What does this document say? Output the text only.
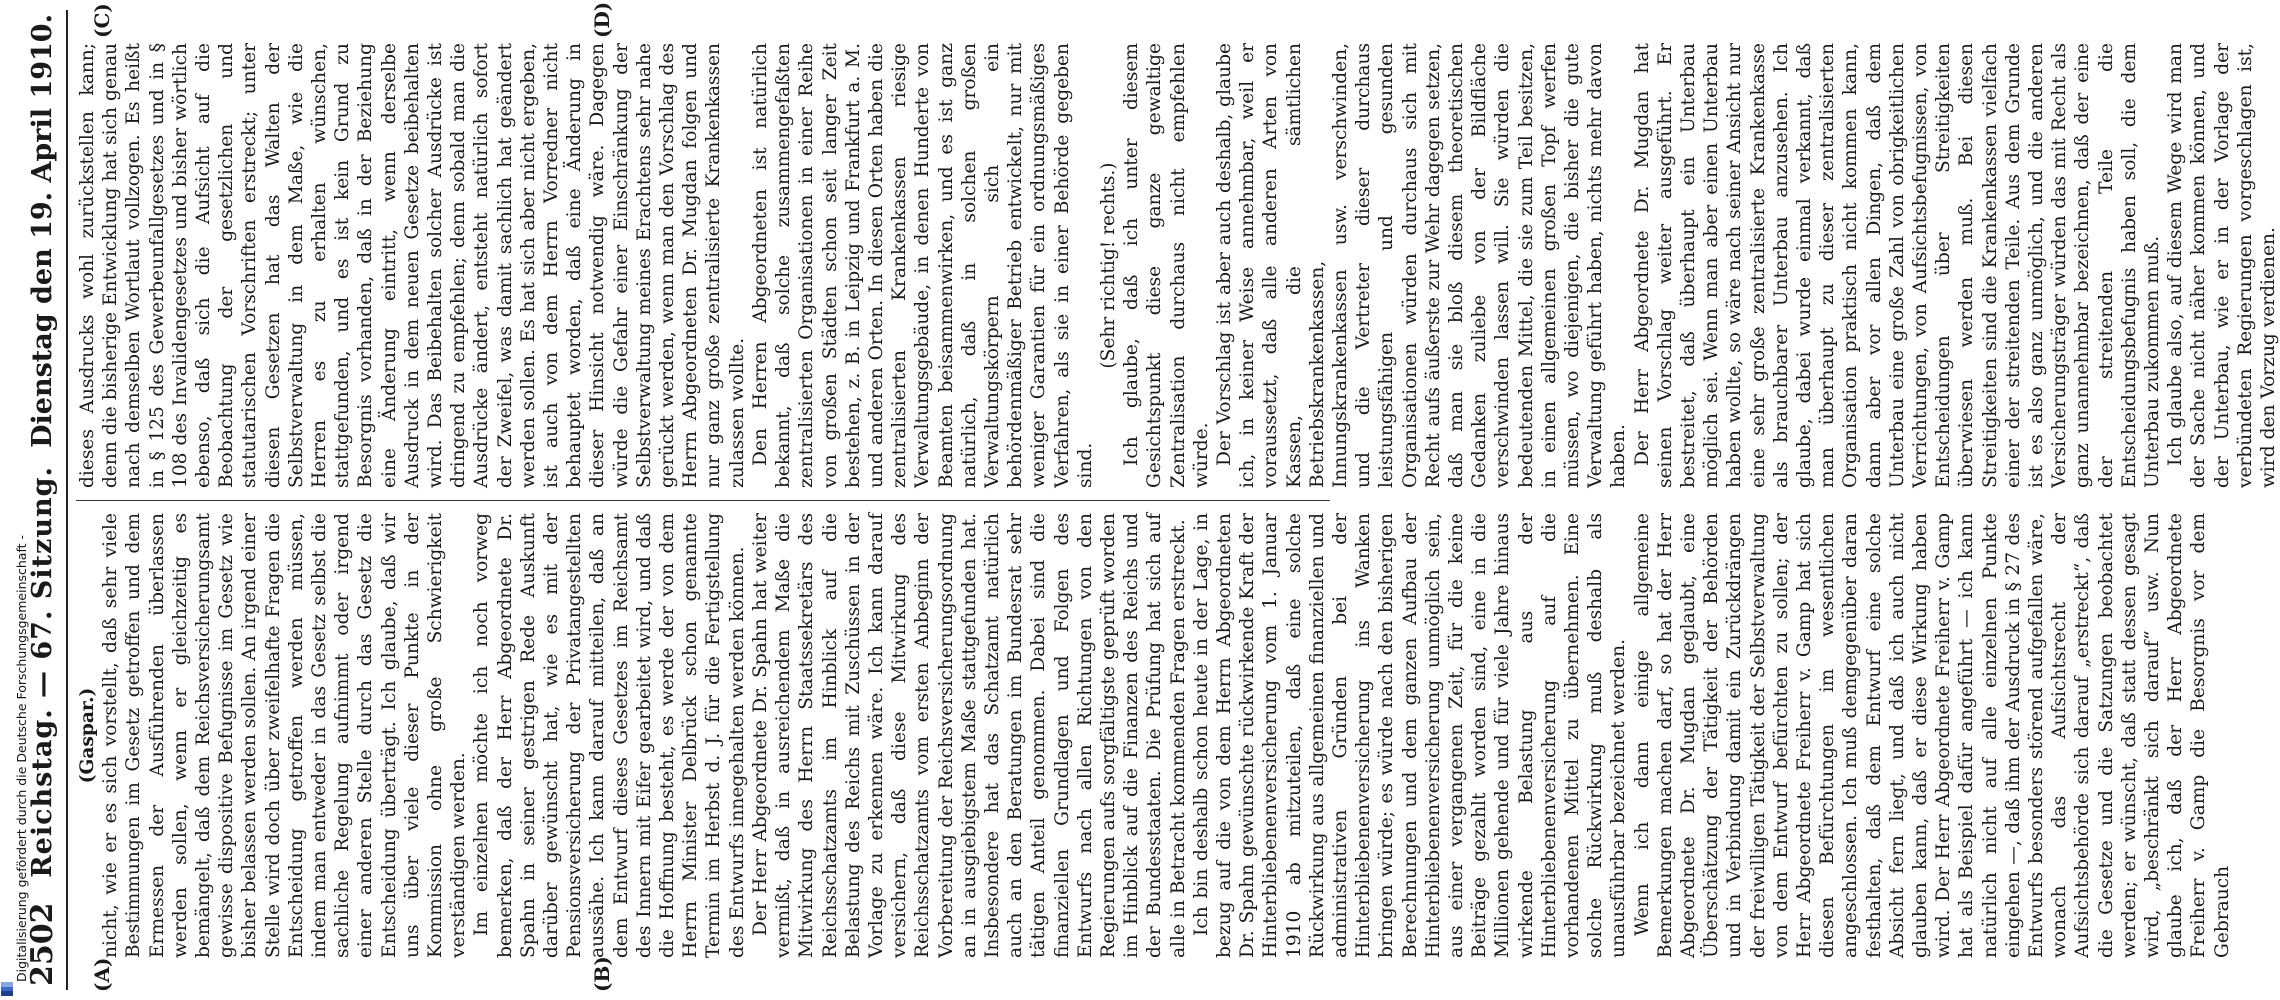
2502
Reichstag. — 67. Sitzung.
Dienstag den 19. April 1910.
(A)	(B)
(C)	(D)

(Gaspar.) nicht, wie er es sich vorstellt, daß sehr viele Bestimmungen im Gesetz getroffen und dem Ermessen der Ausführenden überlassen werden sollen, wenn er gleichzeitig es bemängelt, daß dem Reichsversicherungsamt gewisse dispositive Befugnisse im Gesetz wie bisher belassen werden sollen. An irgend einer Stelle wird doch über zweifelhafte Fragen die Entscheidung getroffen werden müssen, indem man entweder in das Gesetz selbst die sachliche Regelung aufnimmt oder irgend einer anderen Stelle durch das Gesetz die Entscheidung überträgt. Ich glaube, daß wir uns über viele dieser Punkte in der Kommission ohne große Schwierigkeit verständigen werden. Im einzelnen möchte ich noch vorweg bemerken, daß der Herr Abgeordnete Dr. Spahn in seiner gestrigen Rede Auskunft darüber gewünscht hat, wie es mit der Pensionsversicherung der Privatangestellten aussähe. Ich kann darauf mitteilen, daß an dem Entwurf dieses Gesetzes im Reichsamt des Innern mit Eifer gearbeitet wird, und daß die Hoffnung besteht, es werde der von dem Herrn Minister Delbrück schon genannte Termin im Herbst d. J. für die Fertigstellung des Entwurfs innegehalten werden können. Der Herr Abgeordnete Dr. Spahn hat weiter vermißt, daß in ausreichendem Maße die Mitwirkung des Herrn Staatssekretärs des Reichsschatzamts im Hinblick auf die Belastung des Reichs mit Zuschüssen in der Vorlage zu erkennen wäre. Ich kann darauf versichern, daß diese Mitwirkung des Reichsschatzamts vom ersten Anbeginn der Vorbereitung der Reichsversicherungsordnung an in ausgiebigstem Maße stattgefunden hat. Insbesondere hat das Schatzamt natürlich auch an den Beratungen im Bundesrat sehr tätigen Anteil genommen. Dabei sind die finanziellen Grundlagen und Folgen des Entwurfs nach allen Richtungen von den Regierungen aufs sorgfältigste geprüft worden im Hinblick auf die Finanzen des Reichs und der Bundesstaaten. Die Prüfung hat sich auf alle in Betracht kommenden Fragen erstreckt. Ich bin deshalb schon heute in der Lage, in bezug auf die von dem Herrn Abgeordneten Dr. Spahn gewünschte rückwirkende Kraft der Hinterbliebenenversicherung vom 1. Januar 1910 ab mitzuteilen, daß eine solche Rückwirkung aus allgemeinen finanziellen und administrativen Gründen bei der Hinterbliebenenversicherung ins Wanken bringen würde; es würde nach den bisherigen Berechnungen und dem ganzen Aufbau der Hinterbliebenenversicherung unmöglich sein, aus einer vergangenen Zeit, für die keine Beiträge gezahlt worden sind, eine in die Millionen gehende und für viele Jahre hinaus wirkende Belastung aus der Hinterbliebenenversicherung auf die vorhandenen Mittel zu übernehmen. Eine solche Rückwirkung muß deshalb als unausführbar bezeichnet werden. Wenn ich dann einige allgemeine Bemerkungen machen darf, so hat der Herr Abgeordnete Dr. Mugdan geglaubt, eine Überschätzung der Tätigkeit der Behörden und in Verbindung damit ein Zurückdrängen der freiwilligen Tätigkeit der Selbstverwaltung von dem Entwurf befürchten zu sollen; der Herr Abgeordnete Freiherr v. Gamp hat sich diesen Befürchtungen im wesentlichen angeschlossen. Ich muß demgegenüber daran festhalten, daß dem Entwurf eine solche Absicht fern liegt, und daß ich auch nicht glauben kann, daß er diese Wirkung haben wird. Der Herr Abgeordnete Freiherr v. Gamp hat als Beispiel dafür angeführt — ich kann natürlich nicht auf alle einzelnen Punkte eingehen —, daß ihm der Ausdruck in § 27 des Entwurfs besonders störend aufgefallen wäre, wonach das Aufsichtsrecht der Aufsichtsbehörde sich darauf „erstreckt“, daß die Gesetze und die Satzungen beobachtet werden; er wünscht, daß statt dessen gesagt wird, „beschränkt sich darauf“ usw. Nun glaube ich, daß der Herr Abgeordnete Freiherr v. Gamp die Besorgnis vor dem Gebrauch

dieses Ausdrucks wohl zurückstellen kann; denn die bisherige Entwicklung hat sich genau nach demselben Wortlaut vollzogen. Es heißt in § 125 des Gewerbeunfallgesetzes und in § 108 des Invalidengesetzes und bisher wörtlich ebenso, daß sich die Aufsicht auf die Beobachtung der gesetzlichen und statutarischen Vorschriften erstreckt; unter diesen Gesetzen hat das Walten der Selbstverwaltung in dem Maße, wie die Herren es zu erhalten wünschen, stattgefunden, und es ist kein Grund zu Besorgnis vorhanden, daß in der Beziehung eine Änderung eintritt, wenn derselbe Ausdruck in dem neuen Gesetze beibehalten wird. Das Beibehalten solcher Ausdrücke ist dringend zu empfehlen; denn sobald man die Ausdrücke ändert, entsteht natürlich sofort der Zweifel, was damit sachlich hat geändert werden sollen. Es hat sich aber nicht ergeben, ist auch von dem Herrn Vorredner nicht behauptet worden, daß eine Änderung in dieser Hinsicht notwendig wäre. Dagegen würde die Gefahr einer Einschränkung der Selbstverwaltung meines Erachtens sehr nahe gerückt werden, wenn man den Vorschlag des Herrn Abgeordneten Dr. Mugdan folgen und nur ganz große zentralisierte Krankenkassen zulassen wollte. Den Herren Abgeordneten ist natürlich bekannt, daß solche zusammengefaßten zentralisierten Organisationen in einer Reihe von großen Städten schon seit langer Zeit bestehen, z. B. in Leipzig und Frankfurt a. M. und anderen Orten. In diesen Orten haben die zentralisierten Krankenkassen riesige Verwaltungsgebäude, in denen Hunderte von Beamten beisammenwirken, und es ist ganz natürlich, daß in solchen großen Verwaltungskörpern sich ein behördenmäßiger Betrieb entwickelt, nur mit weniger Garantien für ein ordnungsmäßiges Verfahren, als sie in einer Behörde gegeben sind.

(Sehr richtig! rechts.) Ich glaube, daß ich unter diesem Gesichtspunkt diese ganze gewaltige Zentralisation durchaus nicht empfehlen würde. Der Vorschlag ist aber auch deshalb, glaube ich, in keiner Weise annehmbar, weil er voraussetzt, daß alle anderen Arten von Kassen, die sämtlichen Betriebskrankenkassen, Innungskrankenkassen usw. verschwinden, und die Vertreter dieser durchaus leistungsfähigen und gesunden Organisationen würden durchaus sich mit Recht aufs äußerste zur Wehr dagegen setzen, daß man sie bloß diesem theoretischen Gedanken zuliebe von der Bildfläche verschwinden lassen will. Sie würden die bedeutenden Mittel, die sie zum Teil besitzen, in einen allgemeinen großen Topf werfen müssen, wo diejenigen, die bisher die gute Verwaltung geführt haben, nichts mehr davon haben. Der Herr Abgeordnete Dr. Mugdan hat seinen Vorschlag weiter ausgeführt. Er bestreitet, daß überhaupt ein Unterbau möglich sei. Wenn man aber einen Unterbau haben wollte, so wäre nach seiner Ansicht nur eine sehr große zentralisierte Krankenkasse als brauchbarer Unterbau anzusehen. Ich glaube, dabei wurde einmal verkannt, daß man überhaupt zu dieser zentralisierten Organisation praktisch nicht kommen kann, dann aber vor allen Dingen, daß dem Unterbau eine große Zahl von obrigkeitlichen Verrichtungen, von Aufsichtsbefugnissen, von Entscheidungen über Streitigkeiten überwiesen werden muß. Bei diesen Streitigkeiten sind die Krankenkassen vielfach einer der streitenden Teile. Aus dem Grunde ist es also ganz unmöglich, und die anderen Versicherungsträger würden das mit Recht als ganz unannehmbar bezeichnen, daß der eine der streitenden Teile die Entscheidungsbefugnis haben soll, die dem Unterbau zukommen muß. Ich glaube also, auf diesem Wege wird man der Sache nicht näher kommen können, und der Unterbau, wie er in der Vorlage der verbündeten Regierungen vorgeschlagen ist, wird den Vorzug verdienen.

Digitalisierung gefördert durch die Deutsche Forschungsgemeinschaft -
